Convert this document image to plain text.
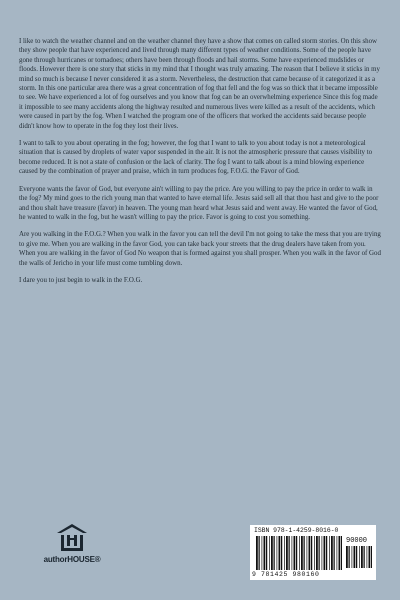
I like to watch the weather channel and on the weather channel they have a show that comes on called storm stories. On this show they show people that have experienced and lived through many different types of weather conditions. Some of the people have gone through hurricanes or tornadoes; others have been through floods and hail storms. Some have experienced mudslides or floods. However there is one story that sticks in my mind that I thought was truly amazing. The reason that I believe it sticks in my mind so much is because I never considered it as a storm. Nevertheless, the destruction that came because of it categorized it as a storm. In this one particular area there was a great concentration of fog that fell and the fog was so thick that it became impossible to see. We have experienced a lot of fog ourselves and you know that fog can be an overwhelming experience Since this fog made it impossible to see many accidents along the highway resulted and numerous lives were killed as a result of the accidents, which were caused in part by the fog. When I watched the program one of the officers that worked the accidents said because people didn't know how to operate in the fog they lost their lives.

I want to talk to you about operating in the fog; however, the fog that I want to talk to you about today is not a meteorological situation that is caused by droplets of water vapor suspended in the air. It is not the atmospheric pressure that causes visibility to become reduced. It is not a state of confusion or the lack of clarity. The fog I want to talk about is a mind blowing experience caused by the combination of prayer and praise, which in turn produces fog, F.O.G. the Favor of God.

Everyone wants the favor of God, but everyone ain't willing to pay the price. Are you willing to pay the price in order to walk in the fog? My mind goes to the rich young man that wanted to have eternal life. Jesus said sell all that thou hast and give to the poor and thou shalt have treasure (favor) in heaven. The young man heard what Jesus said and went away. He wanted the favor of God, he wanted to walk in the fog, but he wasn't willing to pay the price. Favor is going to cost you something.

Are you walking in the F.O.G.? When you walk in the favor you can tell the devil I'm not going to take the mess that you are trying to give me. When you are walking in the favor God, you can take back your streets that the drug dealers have taken from you. When you are walking in the favor of God No weapon that is formed against you shall prosper. When you walk in the favor of God the walls of Jericho in your life must come tumbling down.

I dare you to just begin to walk in the F.O.G.

authorHOUSE®
ISBN 978-1-4259-8016-0
90000
9 781425 980160
